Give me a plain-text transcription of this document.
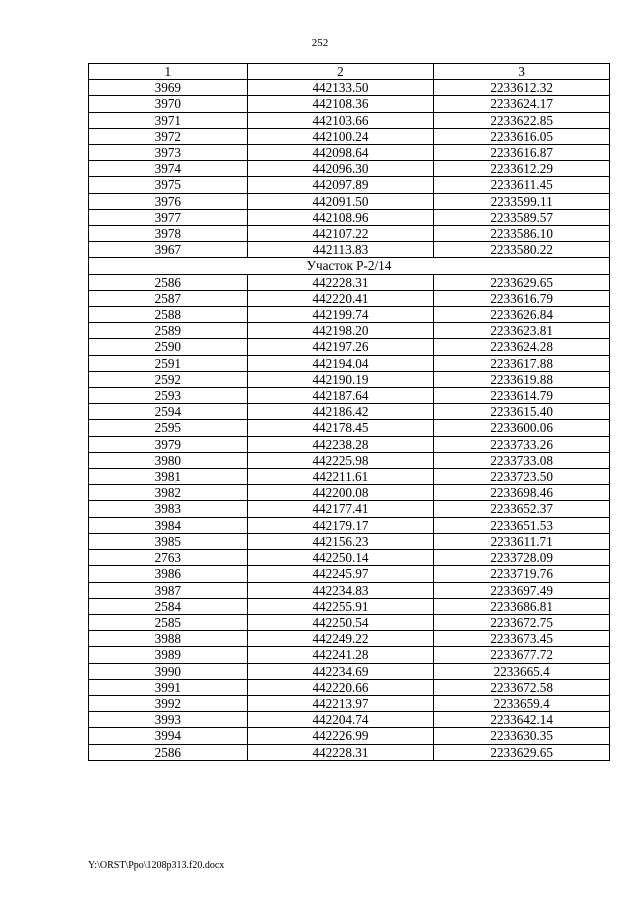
252
1	2	3
3969	442133.50	2233612.32
3970	442108.36	2233624.17
3971	442103.66	2233622.85
3972	442100.24	2233616.05
3973	442098.64	2233616.87
3974	442096.30	2233612.29
3975	442097.89	2233611.45
3976	442091.50	2233599.11
3977	442108.96	2233589.57
3978	442107.22	2233586.10
3967	442113.83	2233580.22
Участок Р-2/14		
2586	442228.31	2233629.65
2587	442220.41	2233616.79
2588	442199.74	2233626.84
2589	442198.20	2233623.81
2590	442197.26	2233624.28
2591	442194.04	2233617.88
2592	442190.19	2233619.88
2593	442187.64	2233614.79
2594	442186.42	2233615.40
2595	442178.45	2233600.06
3979	442238.28	2233733.26
3980	442225.98	2233733.08
3981	442211.61	2233723.50
3982	442200.08	2233698.46
3983	442177.41	2233652.37
3984	442179.17	2233651.53
3985	442156.23	2233611.71
2763	442250.14	2233728.09
3986	442245.97	2233719.76
3987	442234.83	2233697.49
2584	442255.91	2233686.81
2585	442250.54	2233672.75
3988	442249.22	2233673.45
3989	442241.28	2233677.72
3990	442234.69	2233665.4
3991	442220.66	2233672.58
3992	442213.97	2233659.4
3993	442204.74	2233642.14
3994	442226.99	2233630.35
2586	442228.31	2233629.65
Y:\ORST\Ppo\1208p313.f20.docx
